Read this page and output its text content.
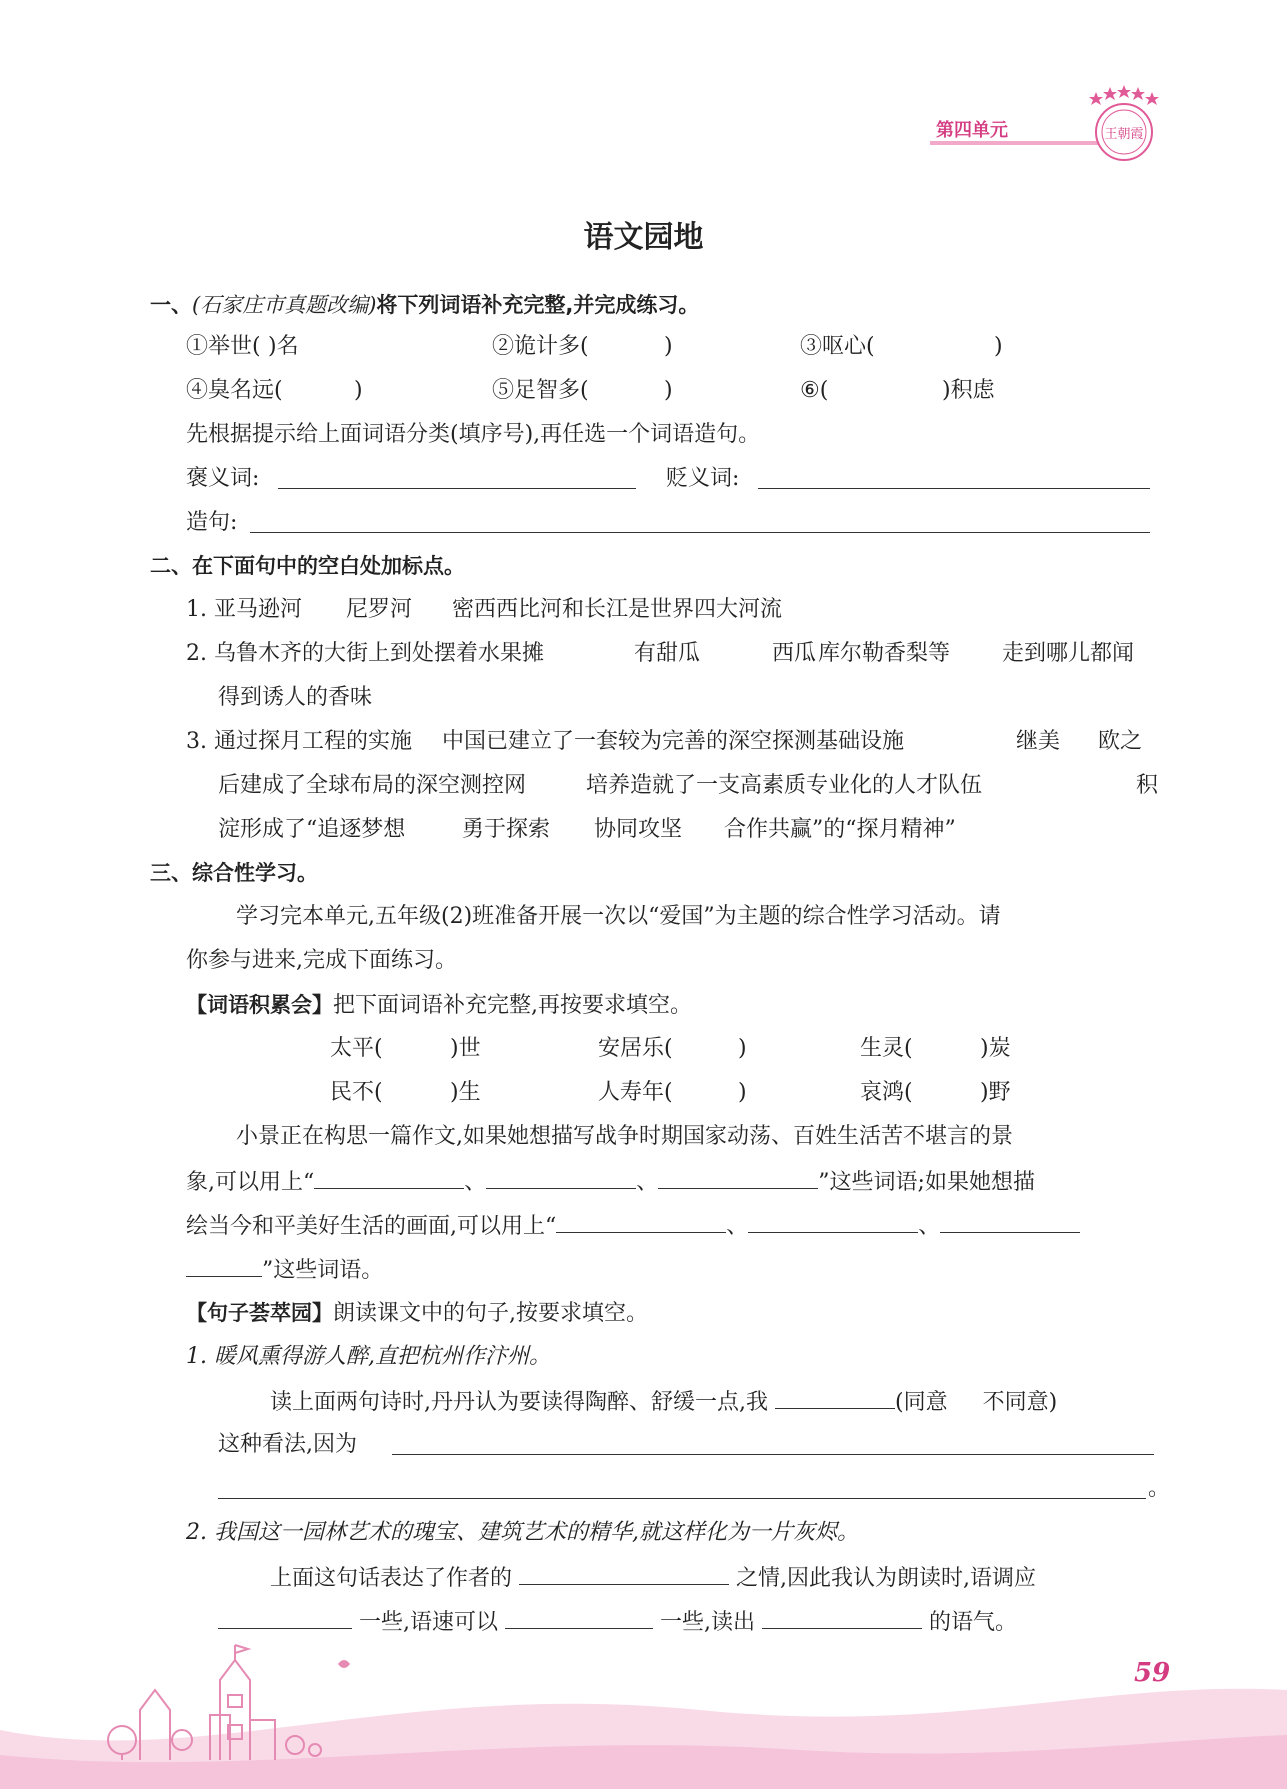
第四单元	王朝霞
语文园地
一、(石家庄市真题改编)将下列词语补充完整,并完成练习。
①举世( )名	②诡计多(	)	③呕心(	)
④臭名远(	)	⑤足智多(	)	⑥(	)积虑
先根据提示给上面词语分类(填序号),再任选一个词语造句。
褒义词:	贬义词:
造句:
二、在下面句中的空白处加标点。
1. 亚马逊河 尼罗河 密西西比河和长江是世界四大河流
2. 乌鲁木齐的大街上到处摆着水果摊	有甜瓜	西瓜 库尔勒香梨等 走到哪儿都闻
得到诱人的香味
3. 通过探月工程的实施 中国已建立了一套较为完善的深空探测基础设施	继美 欧之
后建成了全球布局的深空测控网	培养造就了一支高素质专业化的人才队伍	积
淀形成了“追逐梦想	勇于探索 协同攻坚 合作共赢”的“探月精神”
三、综合性学习。
学习完本单元,五年级(2)班准备开展一次以“爱国”为主题的综合性学习活动。请
你参与进来,完成下面练习。
【词语积累会】把下面词语补充完整,再按要求填空。
太平(	)世	安居乐(	)	生灵(	)炭
民不(	)生	人寿年(	)	哀鸿(	)野
小景正在构思一篇作文,如果她想描写战争时期国家动荡、百姓生活苦不堪言的景
象,可以用上“	、	、	”这些词语;如果她想描
绘当今和平美好生活的画面,可以用上“	、	、
”这些词语。
【句子荟萃园】朗读课文中的句子,按要求填空。
1. 暖风熏得游人醉,直把杭州作汴州。
读上面两句诗时,丹丹认为要读得陶醉、舒缓一点,我	(同意 不同意)
这种看法,因为
。
2. 我国这一园林艺术的瑰宝、建筑艺术的精华,就这样化为一片灰烬。
上面这句话表达了作者的	之情,因此我认为朗读时,语调应
一些,语速可以	一些,读出	的语气。
59
